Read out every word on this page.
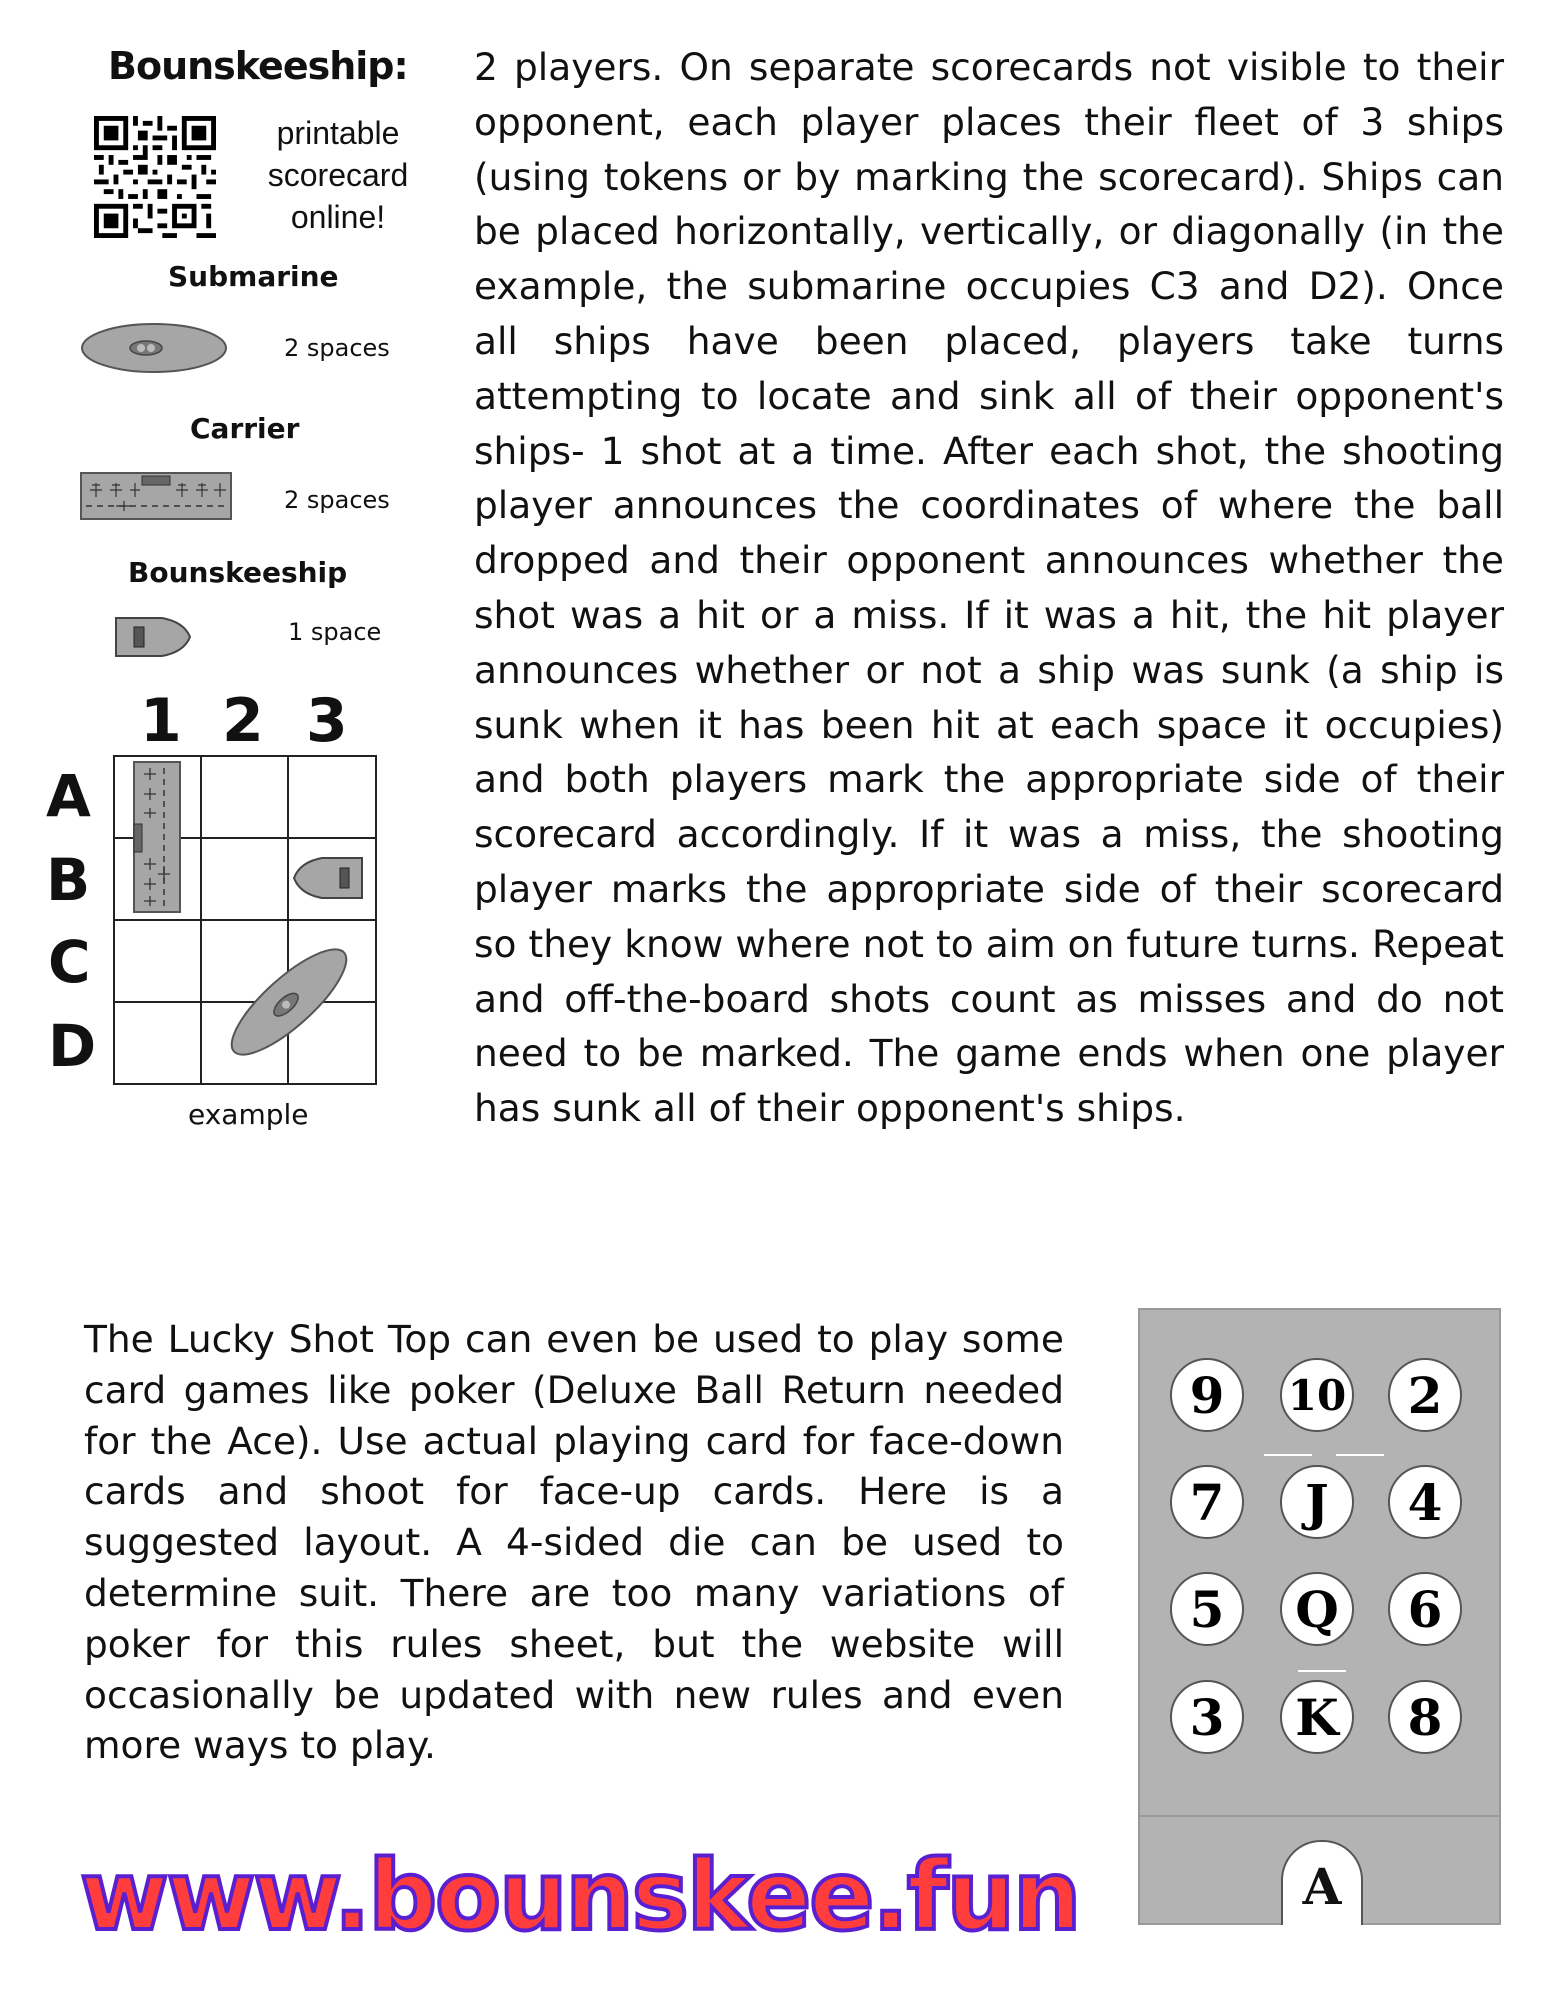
Bounskeeship:
printable scorecard online!
Submarine
2 spaces
Carrier
2 spaces
Bounskeeship
1 space
1 2 3
A
B
C
D
example
2 players. On separate scorecards not visible to their opponent, each player places their fleet of 3 ships (using tokens or by marking the scorecard). Ships can be placed horizontally, vertically, or diagonally (in the example, the submarine occupies C3 and D2). Once all ships have been placed, players take turns attempting to locate and sink all of their opponent's ships- 1 shot at a time. After each shot, the shooting player announces the coordinates of where the ball dropped and their opponent announces whether the shot was a hit or a miss. If it was a hit, the hit player announces whether or not a ship was sunk (a ship is sunk when it has been hit at each space it occupies) and both players mark the appropriate side of their scorecard accordingly. If it was a miss, the shooting player marks the appropriate side of their scorecard so they know where not to aim on future turns. Repeat and off-the-board shots count as misses and do not need to be marked. The game ends when one player has sunk all of their opponent's ships.
The Lucky Shot Top can even be used to play some card games like poker (Deluxe Ball Return needed for the Ace). Use actual playing card for face-down cards and shoot for face-up cards. Here is a suggested layout. A 4-sided die can be used to determine suit. There are too many variations of poker for this rules sheet, but the website will occasionally be updated with new rules and even more ways to play.
9	10	2
7	J	4
5	Q	6
3	K	8
A
www.bounskee.fun
